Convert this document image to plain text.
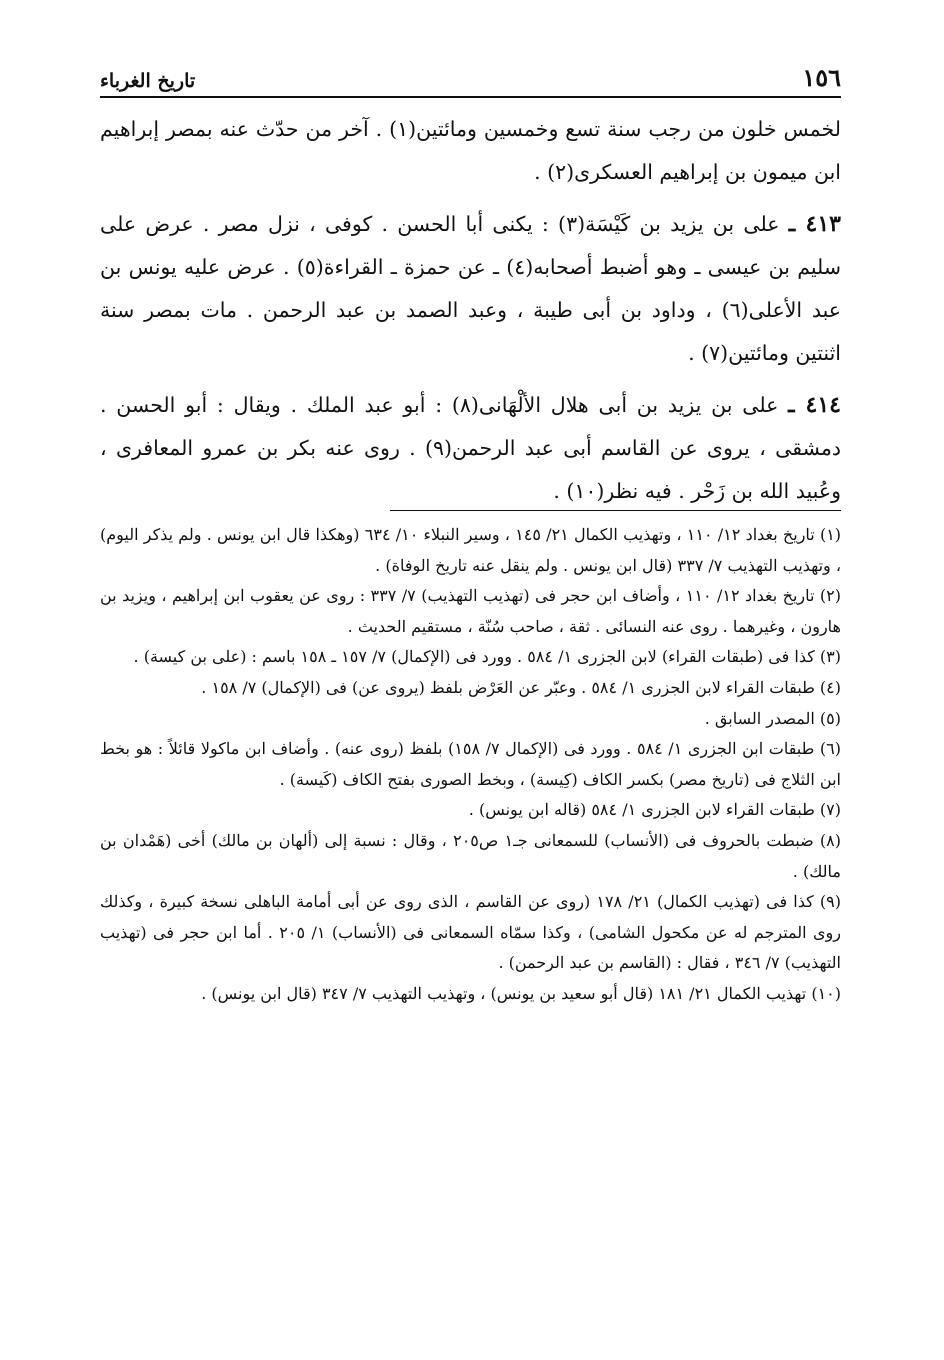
١٥٦
تاريخ الغرباء

لخمس خلون من رجب سنة تسع وخمسين ومائتين(١) . آخر من حدّث عنه بمصر إبراهيم ابن ميمون بن إبراهيم العسكرى(٢) .

٤١٣ ـ على بن يزيد بن كَيْسَة(٣) : يكنى أبا الحسن . كوفى ، نزل مصر . عرض على سليم بن عيسى ـ وهو أضبط أصحابه(٤) ـ عن حمزة ـ القراءة(٥) . عرض عليه يونس بن عبد الأعلى(٦) ، وداود بن أبى طيبة ، وعبد الصمد بن عبد الرحمن . مات بمصر سنة اثنتين ومائتين(٧) .

٤١٤ ـ على بن يزيد بن أبى هلال الألْهَانى(٨) : أبو عبد الملك . ويقال : أبو الحسن . دمشقى ، يروى عن القاسم أبى عبد الرحمن(٩) . روى عنه بكر بن عمرو المعافرى ، وعُبيد الله بن زَحْر . فيه نظر(١٠) .

(١) تاريخ بغداد ١٢/ ١١٠ ، وتهذيب الكمال ٢١/ ١٤٥ ، وسير النبلاء ١٠/ ٦٣٤ (وهكذا قال ابن يونس . ولم يذكر اليوم) ، وتهذيب التهذيب ٧/ ٣٣٧ (قال ابن يونس . ولم ينقل عنه تاريخ الوفاة) .

(٢) تاريخ بغداد ١٢/ ١١٠ ، وأضاف ابن حجر فى (تهذيب التهذيب) ٧/ ٣٣٧ : روى عن يعقوب ابن إبراهيم ، ويزيد بن هارون ، وغيرهما . روى عنه النسائى . ثقة ، صاحب سُنّة ، مستقيم الحديث .

(٣) كذا فى (طبقات القراء) لابن الجزرى ١/ ٥٨٤ . وورد فى (الإكمال) ٧/ ١٥٧ ـ ١٥٨ باسم : (على بن كيسة) .

(٤) طبقات القراء لابن الجزرى ١/ ٥٨٤ . وعبّر عن العَرْض بلفظ (يروى عن) فى (الإكمال) ٧/ ١٥٨ .

(٥) المصدر السابق .

(٦) طبقات ابن الجزرى ١/ ٥٨٤ . وورد فى (الإكمال ٧/ ١٥٨) بلفظ (روى عنه) . وأضاف ابن ماكولا قائلاً : هو بخط ابن الثلاج فى (تاريخ مصر) بكسر الكاف (كِيسة) ، وبخط الصورى بفتح الكاف (كَيسة) .

(٧) طبقات القراء لابن الجزرى ١/ ٥٨٤ (قاله ابن يونس) .

(٨) ضبطت بالحروف فى (الأنساب) للسمعانى جـ١ ص٢٠٥ ، وقال : نسبة إلى (ألهان بن مالك) أخى (هَمْدان بن مالك) .

(٩) كذا فى (تهذيب الكمال) ٢١/ ١٧٨ (روى عن القاسم ، الذى روى عن أبى أمامة الباهلى نسخة كبيرة ، وكذلك روى المترجم له عن مكحول الشامى) ، وكذا سمّاه السمعانى فى (الأنساب) ١/ ٢٠٥ . أما ابن حجر فى (تهذيب التهذيب) ٧/ ٣٤٦ ، فقال : (القاسم بن عبد الرحمن) .

(١٠) تهذيب الكمال ٢١/ ١٨١ (قال أبو سعيد بن يونس) ، وتهذيب التهذيب ٧/ ٣٤٧ (قال ابن يونس) .
